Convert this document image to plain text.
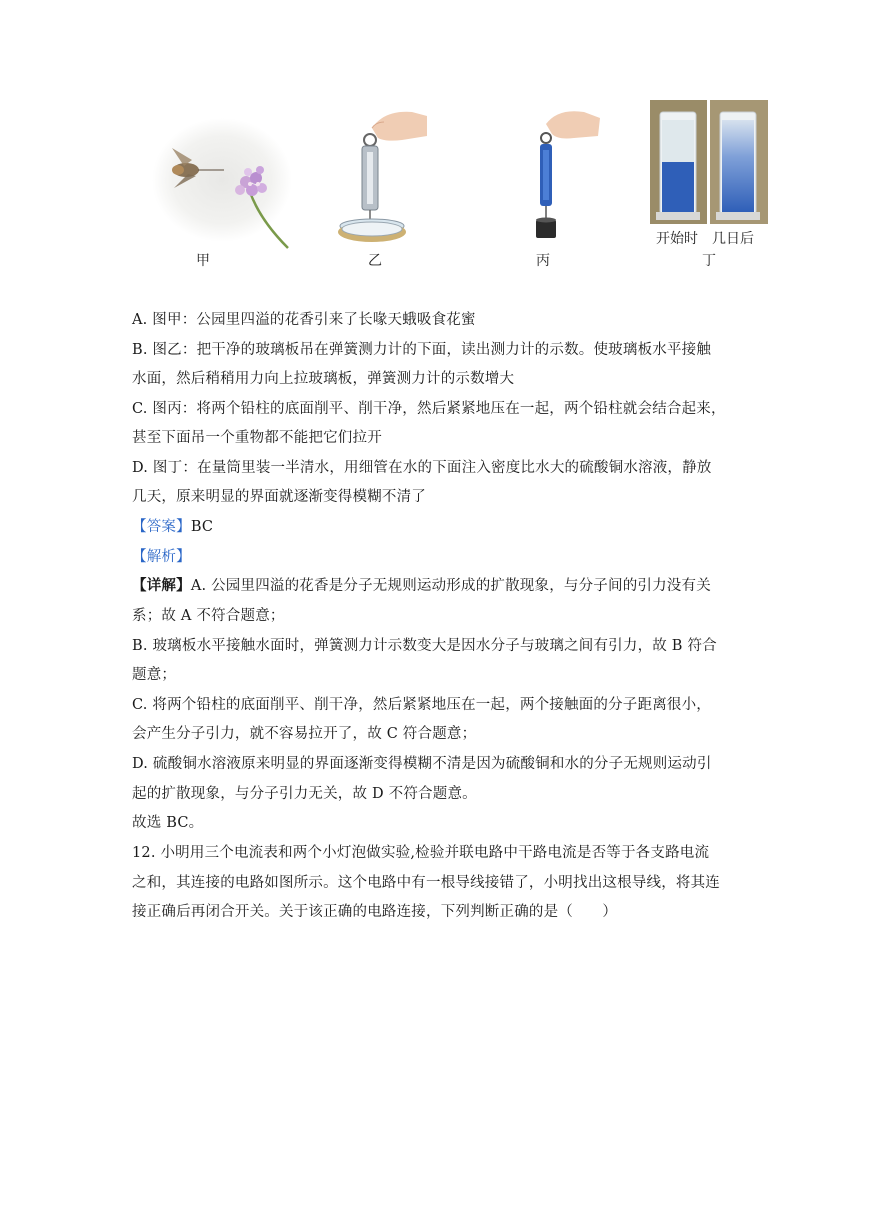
甲	乙	丙
开始时 几日后
丁
A. 图甲：公园里四溢的花香引来了长喙天蛾吸食花蜜
B. 图乙：把干净的玻璃板吊在弹簧测力计的下面，读出测力计的示数。使玻璃板水平接触
水面，然后稍稍用力向上拉玻璃板，弹簧测力计的示数增大
C. 图丙：将两个铅柱的底面削平、削干净，然后紧紧地压在一起，两个铅柱就会结合起来，
甚至下面吊一个重物都不能把它们拉开
D. 图丁：在量筒里装一半清水，用细管在水的下面注入密度比水大的硫酸铜水溶液，静放
几天，原来明显的界面就逐渐变得模糊不清了
【答案】BC
【解析】
【详解】A. 公园里四溢的花香是分子无规则运动形成的扩散现象，与分子间的引力没有关
系；故 A 不符合题意；
B. 玻璃板水平接触水面时，弹簧测力计示数变大是因水分子与玻璃之间有引力，故 B 符合
题意；
C. 将两个铅柱的底面削平、削干净，然后紧紧地压在一起，两个接触面的分子距离很小，
会产生分子引力，就不容易拉开了，故 C 符合题意；
D. 硫酸铜水溶液原来明显的界面逐渐变得模糊不清是因为硫酸铜和水的分子无规则运动引
起的扩散现象，与分子引力无关，故 D 不符合题意。
故选 BC。
12. 小明用三个电流表和两个小灯泡做实验,检验并联电路中干路电流是否等于各支路电流
之和，其连接的电路如图所示。这个电路中有一根导线接错了，小明找出这根导线，将其连
接正确后再闭合开关。关于该正确的电路连接，下列判断正确的是（　　）
